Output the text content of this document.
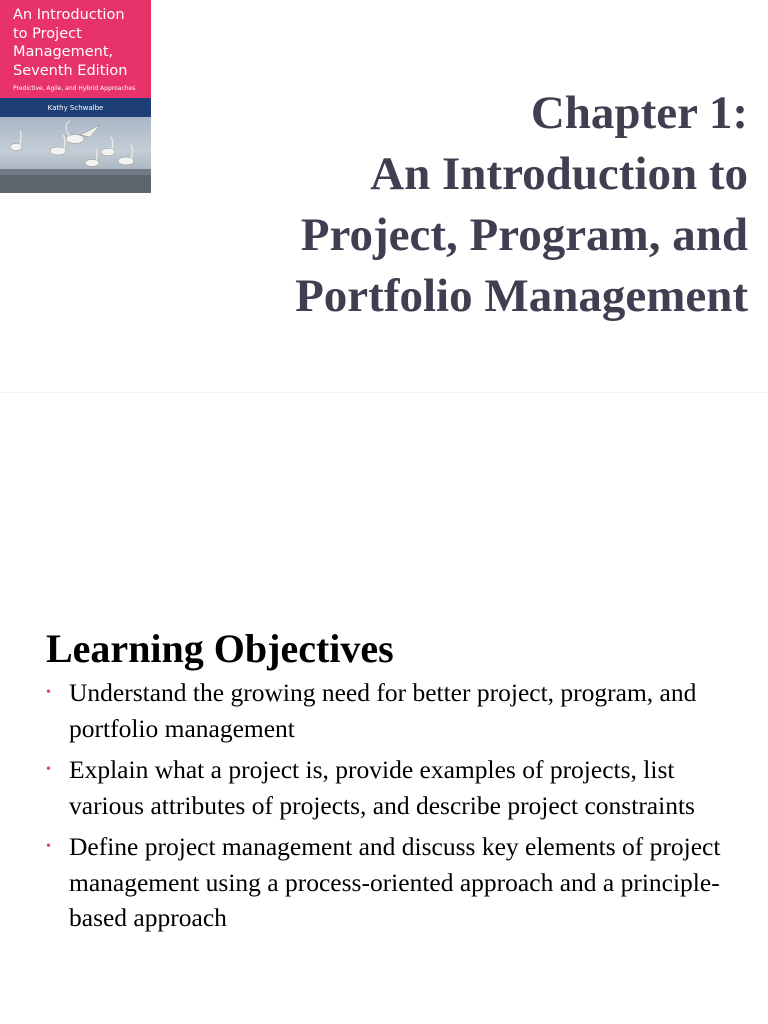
An Introduction
to Project
Management,
Seventh Edition
Predictive, Agile, and Hybrid Approaches
Kathy Schwalbe	Chapter 1:
An Introduction to
Project, Program, and
Portfolio Management

Learning Objectives
• Understand the growing need for better project, program, and portfolio management
• Explain what a project is, provide examples of projects, list various attributes of projects, and describe project constraints
• Define project management and discuss key elements of project management using a process-oriented approach and a principle-based approach
